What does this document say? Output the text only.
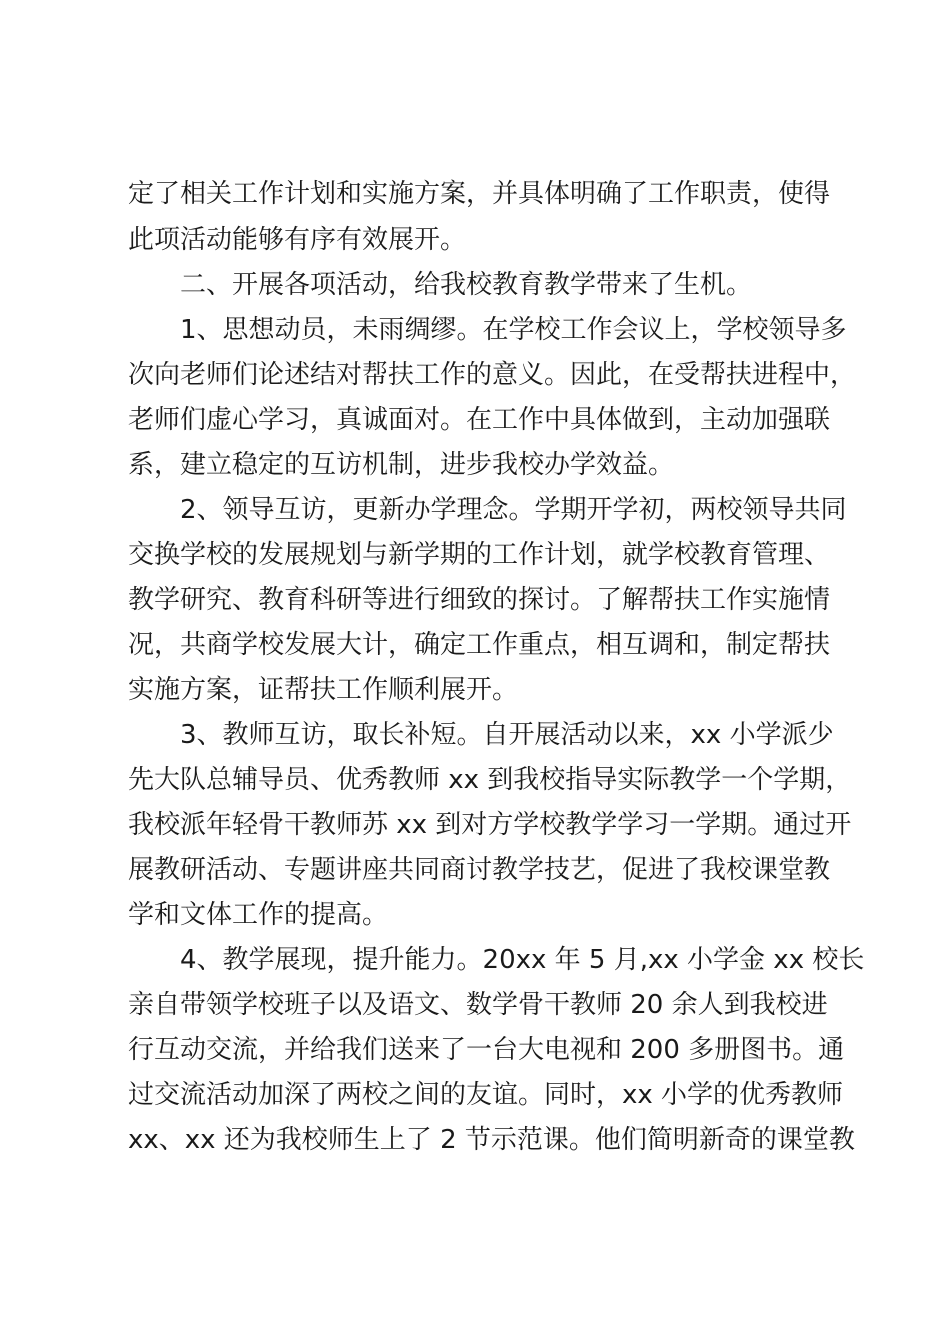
定了相关工作计划和实施方案，并具体明确了工作职责，使得

此项活动能够有序有效展开。

二、开展各项活动，给我校教育教学带来了生机。

1、思想动员，未雨绸缪。在学校工作会议上，学校领导多

次向老师们论述结对帮扶工作的意义。因此，在受帮扶进程中，

老师们虚心学习，真诚面对。在工作中具体做到，主动加强联

系，建立稳定的互访机制，进步我校办学效益。

2、领导互访，更新办学理念。学期开学初，两校领导共同

交换学校的发展规划与新学期的工作计划，就学校教育管理、

教学研究、教育科研等进行细致的探讨。了解帮扶工作实施情

况，共商学校发展大计，确定工作重点，相互调和，制定帮扶

实施方案，证帮扶工作顺利展开。

3、教师互访，取长补短。自开展活动以来，xx 小学派少

先大队总辅导员、优秀教师 xx 到我校指导实际教学一个学期，

我校派年轻骨干教师苏 xx 到对方学校教学学习一学期。通过开

展教研活动、专题讲座共同商讨教学技艺，促进了我校课堂教

学和文体工作的提高。

4、教学展现，提升能力。20xx 年 5 月,xx 小学金 xx 校长

亲自带领学校班子以及语文、数学骨干教师 20 余人到我校进

行互动交流，并给我们送来了一台大电视和 200 多册图书。通

过交流活动加深了两校之间的友谊。同时，xx 小学的优秀教师

xx、xx 还为我校师生上了 2 节示范课。他们简明新奇的课堂教
